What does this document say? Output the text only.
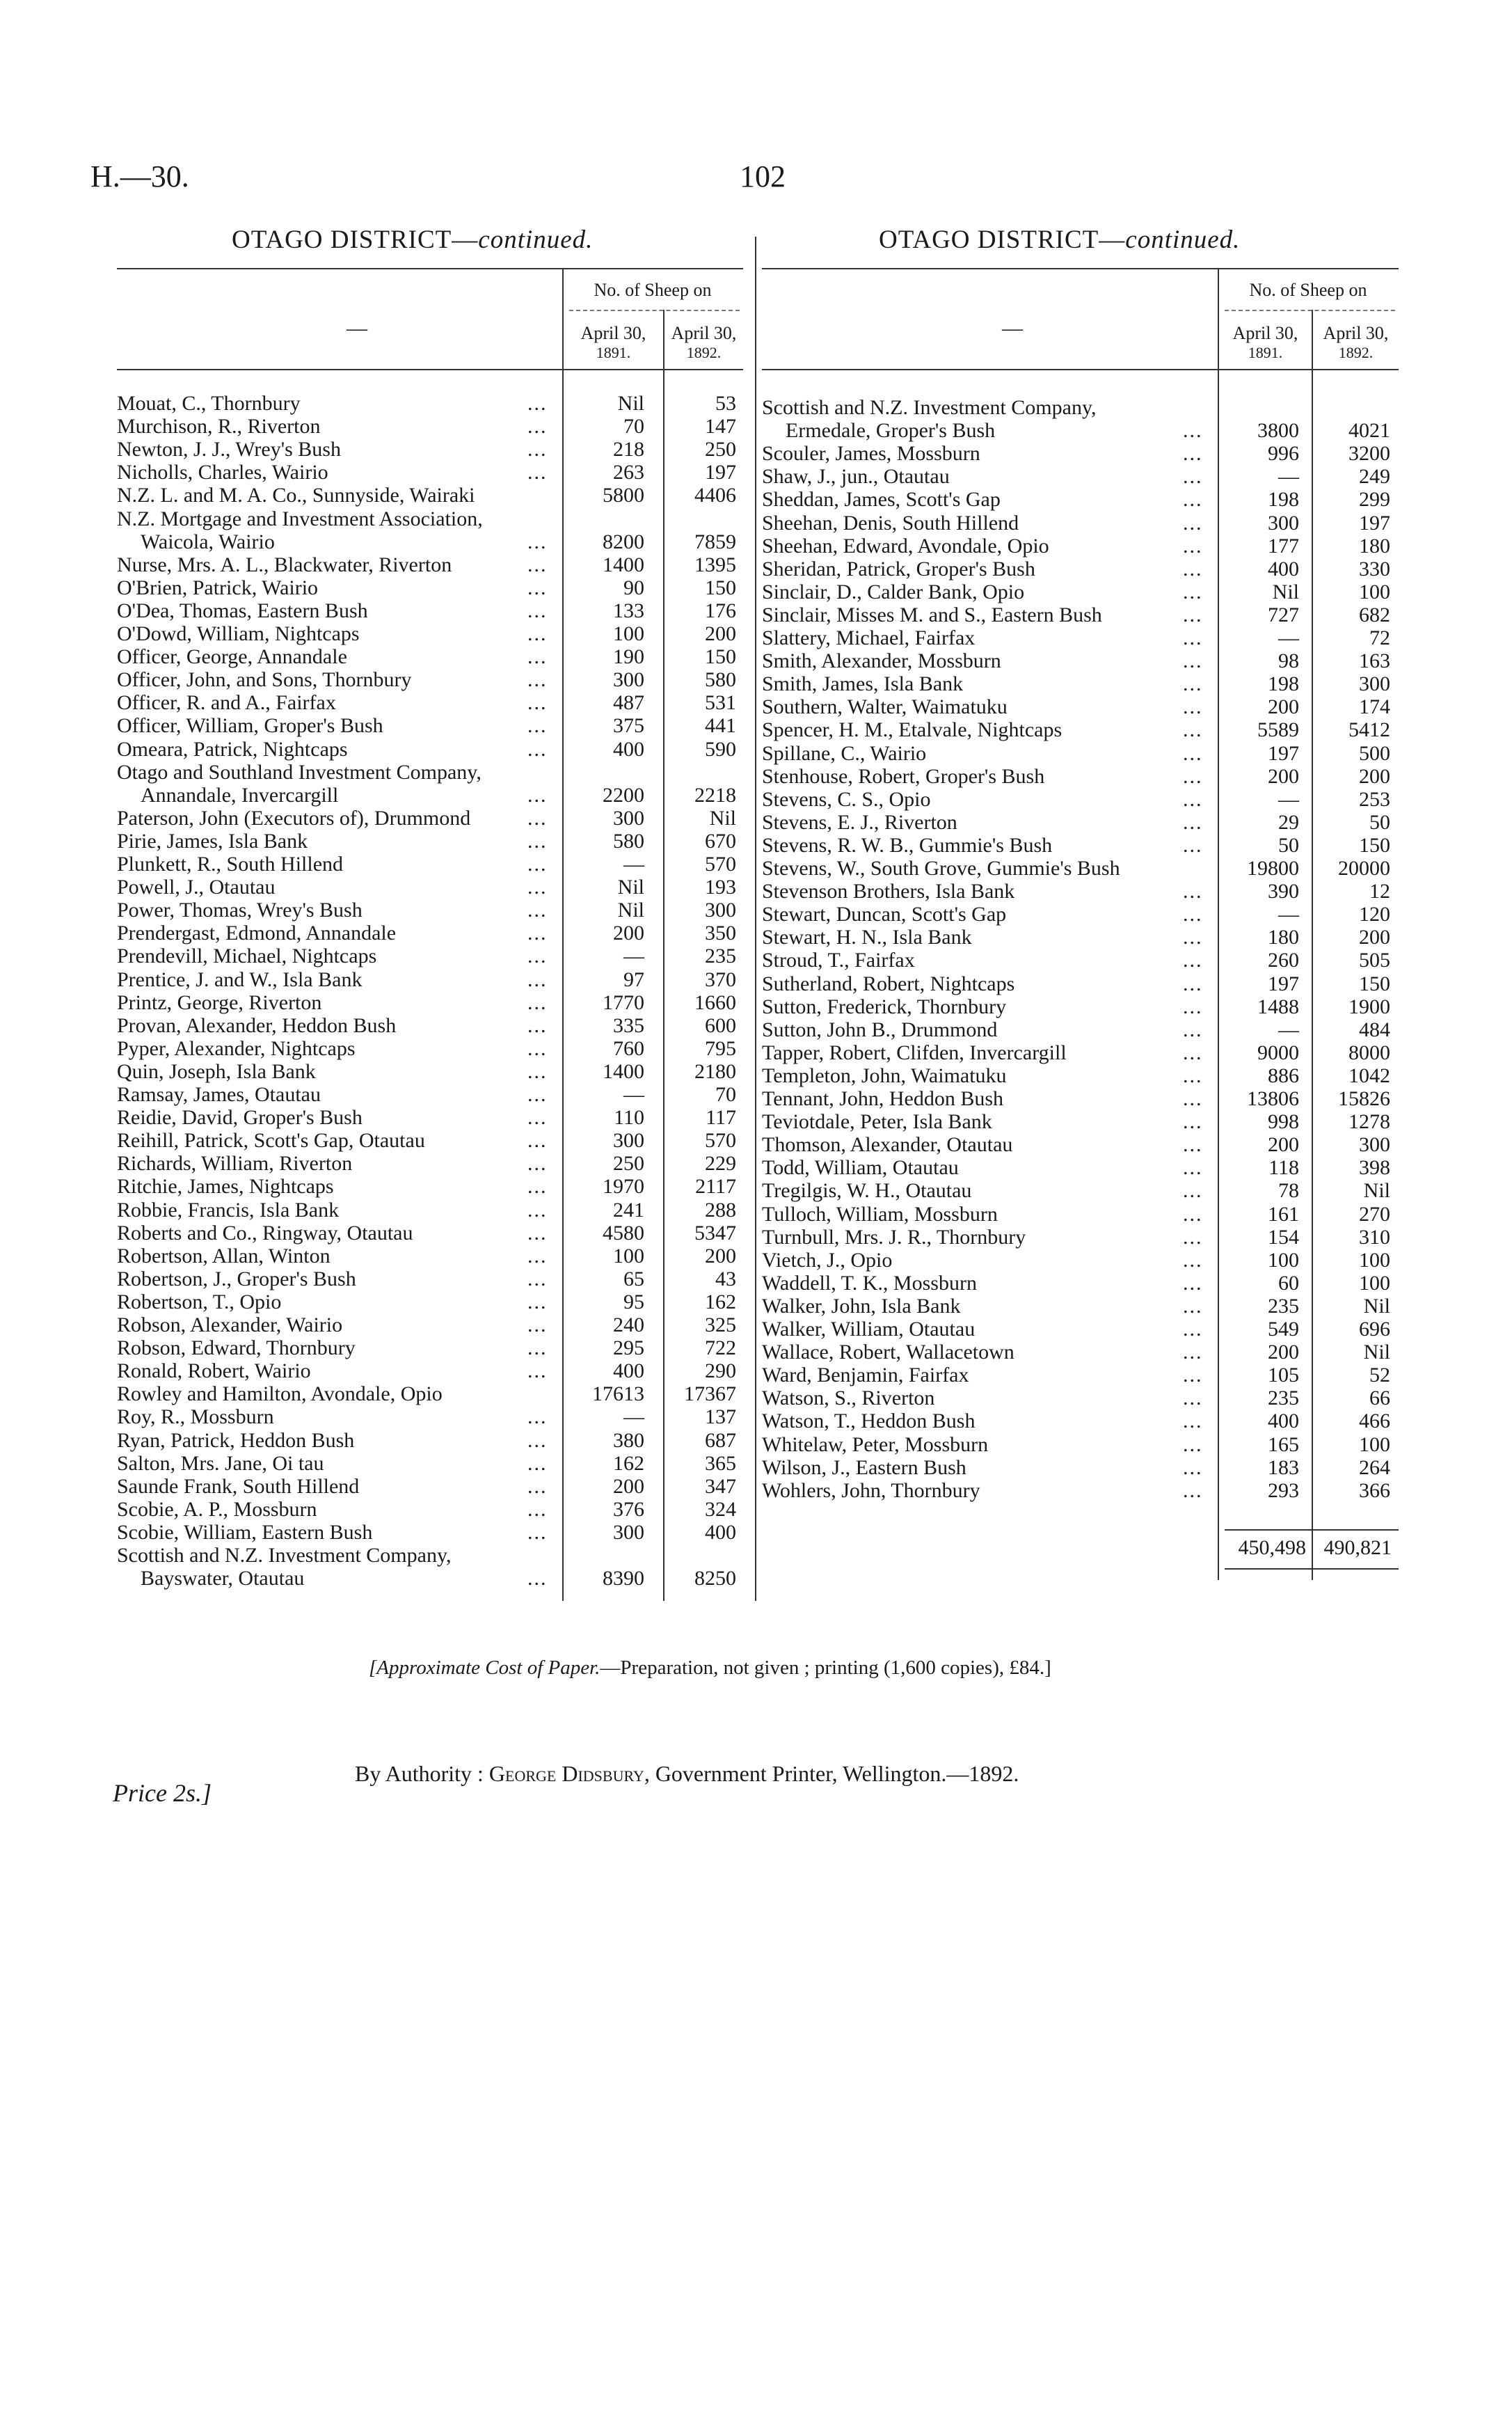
H.—30.	102
OTAGO DISTRICT—continued.
No. of Sheep on
April 30,
1891.
April 30,
1892.
—
Mouat, C., Thornbury	...	Nil	53
Murchison, R., Riverton	...	70	147
Newton, J. J., Wrey's Bush	...	218	250
Nicholls, Charles, Wairio	...	263	197
N.Z. L. and M. A. Co., Sunnyside, Wairaki	5800	4406
N.Z. Mortgage and Investment Association,
Waicola, Wairio	...	8200	7859
Nurse, Mrs. A. L., Blackwater, Riverton	...	1400	1395
O'Brien, Patrick, Wairio	...	90	150
O'Dea, Thomas, Eastern Bush	...	133	176
O'Dowd, William, Nightcaps	...	100	200
Officer, George, Annandale	...	190	150
Officer, John, and Sons, Thornbury	...	300	580
Officer, R. and A., Fairfax	...	487	531
Officer, William, Groper's Bush	...	375	441
Omeara, Patrick, Nightcaps	...	400	590
Otago and Southland Investment Company,
Annandale, Invercargill	...	2200	2218
Paterson, John (Executors of), Drummond	...	300	Nil
Pirie, James, Isla Bank	...	580	670
Plunkett, R., South Hillend	...	—	570
Powell, J., Otautau	...	Nil	193
Power, Thomas, Wrey's Bush	...	Nil	300
Prendergast, Edmond, Annandale	...	200	350
Prendevill, Michael, Nightcaps	...	—	235
Prentice, J. and W., Isla Bank	...	97	370
Printz, George, Riverton	...	1770	1660
Provan, Alexander, Heddon Bush	...	335	600
Pyper, Alexander, Nightcaps	...	760	795
Quin, Joseph, Isla Bank	...	1400	2180
Ramsay, James, Otautau	...	—	70
Reidie, David, Groper's Bush	...	110	117
Reihill, Patrick, Scott's Gap, Otautau	...	300	570
Richards, William, Riverton	...	250	229
Ritchie, James, Nightcaps	...	1970	2117
Robbie, Francis, Isla Bank	...	241	288
Roberts and Co., Ringway, Otautau	...	4580	5347
Robertson, Allan, Winton	...	100	200
Robertson, J., Groper's Bush	...	65	43
Robertson, T., Opio	...	95	162
Robson, Alexander, Wairio	...	240	325
Robson, Edward, Thornbury	...	295	722
Ronald, Robert, Wairio	...	400	290
Rowley and Hamilton, Avondale, Opio	17613	17367
Roy, R., Mossburn	...	—	137
Ryan, Patrick, Heddon Bush	...	380	687
Salton, Mrs. Jane, Oi tau	...	162	365
Saunde Frank, South Hillend	...	200	347
Scobie, A. P., Mossburn	...	376	324
Scobie, William, Eastern Bush	...	300	400
Scottish and N.Z. Investment Company,
Bayswater, Otautau	...	8390	8250
OTAGO DISTRICT—continued.
No. of Sheep on
April 30,
1891.
April 30,
1892.
—
Scottish and N.Z. Investment Company,
Ermedale, Groper's Bush	...	3800	4021
Scouler, James, Mossburn	...	996	3200
Shaw, J., jun., Otautau	...	—	249
Sheddan, James, Scott's Gap	...	198	299
Sheehan, Denis, South Hillend	...	300	197
Sheehan, Edward, Avondale, Opio	...	177	180
Sheridan, Patrick, Groper's Bush	...	400	330
Sinclair, D., Calder Bank, Opio	...	Nil	100
Sinclair, Misses M. and S., Eastern Bush	...	727	682
Slattery, Michael, Fairfax	...	—	72
Smith, Alexander, Mossburn	...	98	163
Smith, James, Isla Bank	...	198	300
Southern, Walter, Waimatuku	...	200	174
Spencer, H. M., Etalvale, Nightcaps	...	5589	5412
Spillane, C., Wairio	...	197	500
Stenhouse, Robert, Groper's Bush	...	200	200
Stevens, C. S., Opio	...	—	253
Stevens, E. J., Riverton	...	29	50
Stevens, R. W. B., Gummie's Bush	...	50	150
Stevens, W., South Grove, Gummie's Bush	19800	20000
Stevenson Brothers, Isla Bank	...	390	12
Stewart, Duncan, Scott's Gap	...	—	120
Stewart, H. N., Isla Bank	...	180	200
Stroud, T., Fairfax	...	260	505
Sutherland, Robert, Nightcaps	...	197	150
Sutton, Frederick, Thornbury	...	1488	1900
Sutton, John B., Drummond	...	—	484
Tapper, Robert, Clifden, Invercargill	...	9000	8000
Templeton, John, Waimatuku	...	886	1042
Tennant, John, Heddon Bush	...	13806	15826
Teviotdale, Peter, Isla Bank	...	998	1278
Thomson, Alexander, Otautau	...	200	300
Todd, William, Otautau	...	118	398
Tregilgis, W. H., Otautau	...	78	Nil
Tulloch, William, Mossburn	...	161	270
Turnbull, Mrs. J. R., Thornbury	...	154	310
Vietch, J., Opio	...	100	100
Waddell, T. K., Mossburn	...	60	100
Walker, John, Isla Bank	...	235	Nil
Walker, William, Otautau	...	549	696
Wallace, Robert, Wallacetown	...	200	Nil
Ward, Benjamin, Fairfax	...	105	52
Watson, S., Riverton	...	235	66
Watson, T., Heddon Bush	...	400	466
Whitelaw, Peter, Mossburn	...	165	100
Wilson, J., Eastern Bush	...	183	264
Wohlers, John, Thornbury	...	293	366
450,498 490,821
[Approximate Cost of Paper.—Preparation, not given ; printing (1,600 copies), £84.]
Price 2s.]
By Authority : George Didsbury, Government Printer, Wellington.—1892.
